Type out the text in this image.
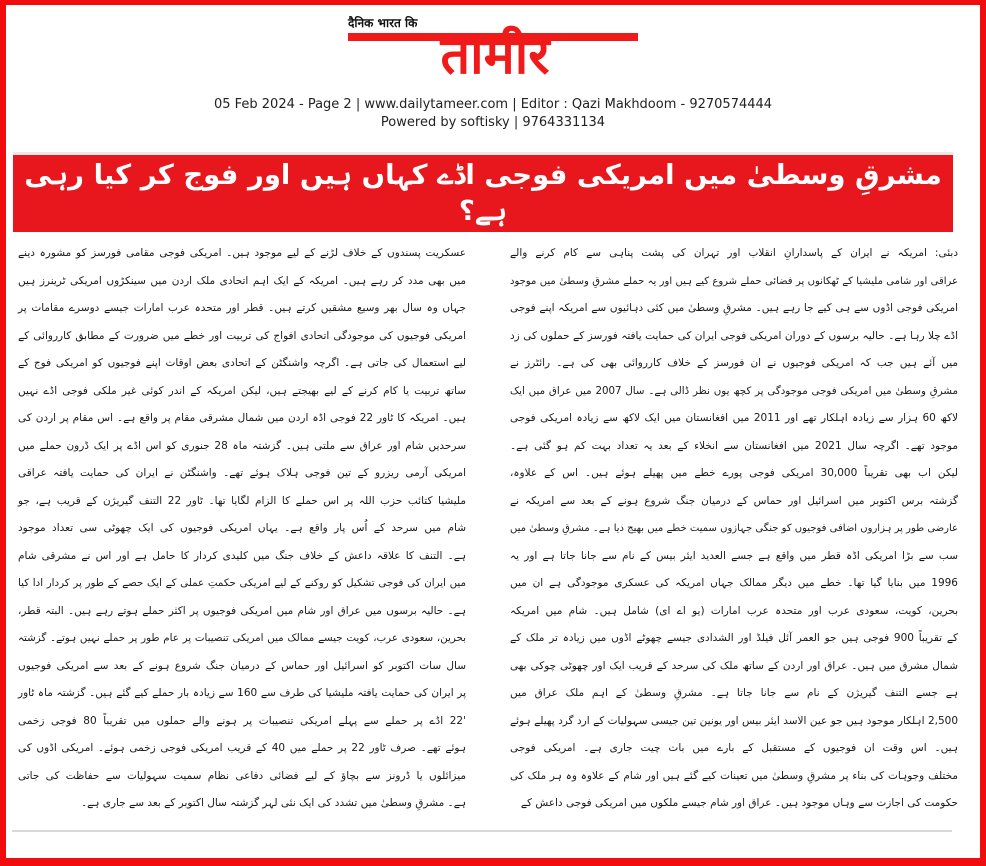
तामीर
दैनिक भारत कि
05 Feb 2024 - Page 2 | www.dailytameer.com | Editor : Qazi Makhdoom - 9270574444
Powered by softisky | 9764331134
مشرقِ وسطیٰ میں امریکی فوجی اڈے کہاں ہیں اور فوج کر کیا رہی ہے؟
دبئی: امریکہ نے ایران کے پاسدارانِ انقلاب اور تہران کی پشت پناہی سے کام کرنے والے
عراقی اور شامی ملیشیا کے ٹھکانوں پر فضائی حملے شروع کیے ہیں اور یہ حملے مشرقِ وسطیٰ میں موجود
امریکی فوجی اڈوں سے ہی کیے جا رہے ہیں۔ مشرقِ وسطیٰ میں کئی دہائیوں سے امریکہ اپنے فوجی
اڈے چلا رہا ہے۔ حالیہ برسوں کے دوران امریکی فوجی ایران کی حمایت یافتہ فورسز کے حملوں کی زد
میں آئے ہیں جب کہ امریکی فوجیوں نے ان فورسز کے خلاف کارروائی بھی کی ہے۔ رائٹرز نے
مشرقِ وسطیٰ میں امریکی فوجی موجودگی پر کچھ یوں نظر ڈالی ہے۔ سال 2007 میں عراق میں ایک
لاکھ 60 ہزار سے زیادہ اہلکار تھے اور 2011 میں افغانستان میں ایک لاکھ سے زیادہ امریکی فوجی
موجود تھے۔ اگرچہ سال 2021 میں افغانستان سے انخلاء کے بعد یہ تعداد بہت کم ہو گئی ہے۔
لیکن اب بھی تقریباً 30,000 امریکی فوجی پورے خطے میں پھیلے ہوئے ہیں۔ اس کے علاوہ،
گزشتہ برس اکتوبر میں اسرائیل اور حماس کے درمیان جنگ شروع ہونے کے بعد سے امریکہ نے
عارضی طور پر ہزاروں اضافی فوجیوں کو جنگی جہازوں سمیت خطے میں بھیج دیا ہے۔ مشرقِ وسطیٰ میں
سب سے بڑا امریکی اڈہ قطر میں واقع ہے جسے العدید ایئر بیس کے نام سے جانا جاتا ہے اور یہ
1996 میں بنایا گیا تھا۔ خطے میں دیگر ممالک جہاں امریکہ کی عسکری موجودگی ہے ان میں
بحرین، کویت، سعودی عرب اور متحدہ عرب امارات (یو اے ای) شامل ہیں۔ شام میں امریکہ
کے تقریباً 900 فوجی ہیں جو العمر آئل فیلڈ اور الشدادی جیسے چھوٹے اڈوں میں زیادہ تر ملک کے
شمال مشرق میں ہیں۔ عراق اور اردن کے ساتھ ملک کی سرحد کے قریب ایک اور چھوٹی چوکی بھی
ہے جسے التنف گیریژن کے نام سے جانا جاتا ہے۔ مشرقِ وسطیٰ کے اہم ملک عراق میں
2,500 اہلکار موجود ہیں جو عین الاسد ایئر بیس اور یونین تین جیسی سہولیات کے ارد گرد پھیلے ہوئے
ہیں۔ اس وقت ان فوجیوں کے مستقبل کے بارے میں بات چیت جاری ہے۔ امریکی فوجی
مختلف وجوہات کی بناء پر مشرقِ وسطیٰ میں تعینات کیے گئے ہیں اور شام کے علاوہ وہ ہر ملک کی
حکومت کی اجازت سے وہاں موجود ہیں۔ عراق اور شام جیسے ملکوں میں امریکی فوجی داعش کے
عسکریت پسندوں کے خلاف لڑنے کے لیے موجود ہیں۔ امریکی فوجی مقامی فورسز کو مشورہ دینے
میں بھی مدد کر رہے ہیں۔ امریکہ کے ایک اہم اتحادی ملک اردن میں سینکڑوں امریکی ٹرینرز ہیں
جہاں وہ سال بھر وسیع مشقیں کرتے ہیں۔ قطر اور متحدہ عرب امارات جیسے دوسرے مقامات پر
امریکی فوجیوں کی موجودگی اتحادی افواج کی تربیت اور خطے میں ضرورت کے مطابق کارروائی کے
لیے استعمال کی جاتی ہے۔ اگرچہ واشنگٹن کے اتحادی بعض اوقات اپنے فوجیوں کو امریکی فوج کے
ساتھ تربیت یا کام کرنے کے لیے بھیجتے ہیں، لیکن امریکہ کے اندر کوئی غیر ملکی فوجی اڈے نہیں
ہیں۔ امریکہ کا ٹاور 22 فوجی اڈہ اردن میں شمال مشرقی مقام پر واقع ہے۔ اس مقام پر اردن کی
سرحدیں شام اور عراق سے ملتی ہیں۔ گزشتہ ماہ 28 جنوری کو اس اڈے پر ایک ڈرون حملے میں
امریکی آرمی ریزرو کے تین فوجی ہلاک ہوئے تھے۔ واشنگٹن نے ایران کی حمایت یافتہ عراقی
ملیشیا کتائب حزب اللہ پر اس حملے کا الزام لگایا تھا۔ ٹاور 22 التنف گیریژن کے قریب ہے، جو
شام میں سرحد کے اُس پار واقع ہے۔ یہاں امریکی فوجیوں کی ایک چھوٹی سی تعداد موجود
ہے۔ التنف کا علاقہ داعش کے خلاف جنگ میں کلیدی کردار کا حامل ہے اور اس نے مشرقی شام
میں ایران کی فوجی تشکیل کو روکنے کے لیے امریکی حکمتِ عملی کے ایک حصے کے طور پر کردار ادا کیا
ہے۔ حالیہ برسوں میں عراق اور شام میں امریکی فوجیوں پر اکثر حملے ہوتے رہے ہیں۔ البتہ قطر،
بحرین، سعودی عرب، کویت جیسے ممالک میں امریکی تنصیبات پر عام طور پر حملے نہیں ہوتے۔ گزشتہ
سال سات اکتوبر کو اسرائیل اور حماس کے درمیان جنگ شروع ہونے کے بعد سے امریکی فوجیوں
پر ایران کی حمایت یافتہ ملیشیا کی طرف سے 160 سے زیادہ بار حملے کیے گئے ہیں۔ گزشتہ ماہ ٹاور
'22 اڈے پر حملے سے پہلے امریکی تنصیبات پر ہونے والے حملوں میں تقریباً 80 فوجی زخمی
ہوئے تھے۔ صرف ٹاور 22 پر حملے میں 40 کے قریب امریکی فوجی زخمی ہوئے۔ امریکی اڈوں کی
میزائلوں یا ڈرونز سے بچاؤ کے لیے فضائی دفاعی نظام سمیت سہولیات سے حفاظت کی جاتی
ہے۔ مشرقِ وسطیٰ میں تشدد کی ایک نئی لہر گزشتہ سال اکتوبر کے بعد سے جاری ہے۔
